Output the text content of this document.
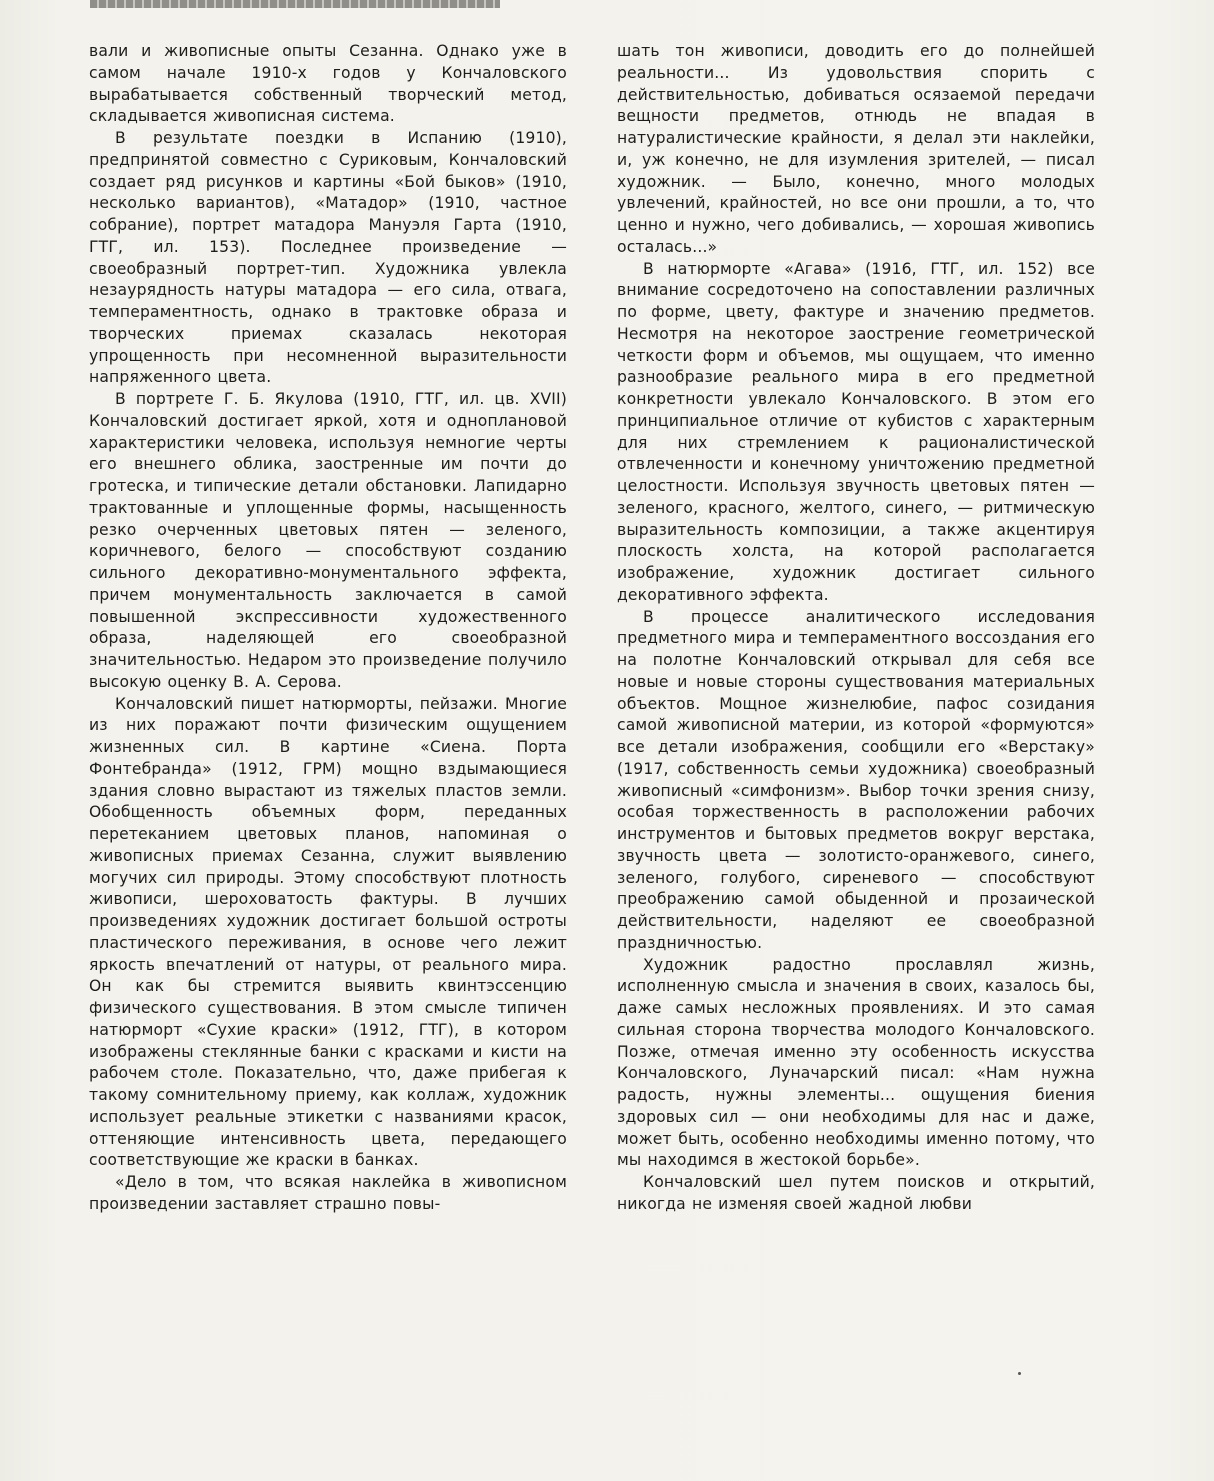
вали и живописные опыты Сезанна. Однако уже в самом начале 1910-х годов у Кончаловского вырабатывается собственный творческий метод, складывается живописная система.

В результате поездки в Испанию (1910), предпринятой совместно с Суриковым, Кончаловский создает ряд рисунков и картины «Бой быков» (1910, несколько вариантов), «Матадор» (1910, частное собрание), портрет матадора Мануэля Гарта (1910, ГТГ, ил. 153). Последнее произведение — своеобразный портрет-тип. Художника увлекла незаурядность натуры матадора — его сила, отвага, темпераментность, однако в трактовке образа и творческих приемах сказалась некоторая упрощенность при несомненной выразительности напряженного цвета.

В портрете Г. Б. Якулова (1910, ГТГ, ил. цв. XVII) Кончаловский достигает яркой, хотя и одноплановой характеристики человека, используя немногие черты его внешнего облика, заостренные им почти до гротеска, и типические детали обстановки. Лапидарно трактованные и уплощенные формы, насыщенность резко очерченных цветовых пятен — зеленого, коричневого, белого — способствуют созданию сильного декоративно-монументального эффекта, причем монументальность заключается в самой повышенной экспрессивности художественного образа, наделяющей его своеобразной значительностью. Недаром это произведение получило высокую оценку В. А. Серова.

Кончаловский пишет натюрморты, пейзажи. Многие из них поражают почти физическим ощущением жизненных сил. В картине «Сиена. Порта Фонтебранда» (1912, ГРМ) мощно вздымающиеся здания словно вырастают из тяжелых пластов земли. Обобщенность объемных форм, переданных перетеканием цветовых планов, напоминая о живописных приемах Сезанна, служит выявлению могучих сил природы. Этому способствуют плотность живописи, шероховатость фактуры. В лучших произведениях художник достигает большой остроты пластического переживания, в основе чего лежит яркость впечатлений от натуры, от реального мира. Он как бы стремится выявить квинтэссенцию физического существования. В этом смысле типичен натюрморт «Сухие краски» (1912, ГТГ), в котором изображены стеклянные банки с красками и кисти на рабочем столе. Показательно, что, даже прибегая к такому сомнительному приему, как коллаж, художник использует реальные этикетки с названиями красок, оттеняющие интенсивность цвета, передающего соответствующие же краски в банках.

«Дело в том, что всякая наклейка в живописном произведении заставляет страшно повы-

шать тон живописи, доводить его до полнейшей реальности... Из удовольствия спорить с действительностью, добиваться осязаемой передачи вещности предметов, отнюдь не впадая в натуралистические крайности, я делал эти наклейки, и, уж конечно, не для изумления зрителей, — писал художник. — Было, конечно, много молодых увлечений, крайностей, но все они прошли, а то, что ценно и нужно, чего добивались, — хорошая живопись осталась...»

В натюрморте «Агава» (1916, ГТГ, ил. 152) все внимание сосредоточено на сопоставлении различных по форме, цвету, фактуре и значению предметов. Несмотря на некоторое заострение геометрической четкости форм и объемов, мы ощущаем, что именно разнообразие реального мира в его предметной конкретности увлекало Кончаловского. В этом его принципиальное отличие от кубистов с характерным для них стремлением к рационалистической отвлеченности и конечному уничтожению предметной целостности. Используя звучность цветовых пятен — зеленого, красного, желтого, синего, — ритмическую выразительность композиции, а также акцентируя плоскость холста, на которой располагается изображение, художник достигает сильного декоративного эффекта.

В процессе аналитического исследования предметного мира и темпераментного воссоздания его на полотне Кончаловский открывал для себя все новые и новые стороны существования материальных объектов. Мощное жизнелюбие, пафос созидания самой живописной материи, из которой «формуются» все детали изображения, сообщили его «Верстаку» (1917, собственность семьи художника) своеобразный живописный «симфонизм». Выбор точки зрения снизу, особая торжественность в расположении рабочих инструментов и бытовых предметов вокруг верстака, звучность цвета — золотисто-оранжевого, синего, зеленого, голубого, сиреневого — способствуют преображению самой обыденной и прозаической действительности, наделяют ее своеобразной праздничностью.

Художник радостно прославлял жизнь, исполненную смысла и значения в своих, казалось бы, даже самых несложных проявлениях. И это самая сильная сторона творчества молодого Кончаловского. Позже, отмечая именно эту особенность искусства Кончаловского, Луначарский писал: «Нам нужна радость, нужны элементы... ощущения биения здоровых сил — они необходимы для нас и даже, может быть, особенно необходимы именно потому, что мы находимся в жестокой борьбе».

Кончаловский шел путем поисков и открытий, никогда не изменяя своей жадной любви
